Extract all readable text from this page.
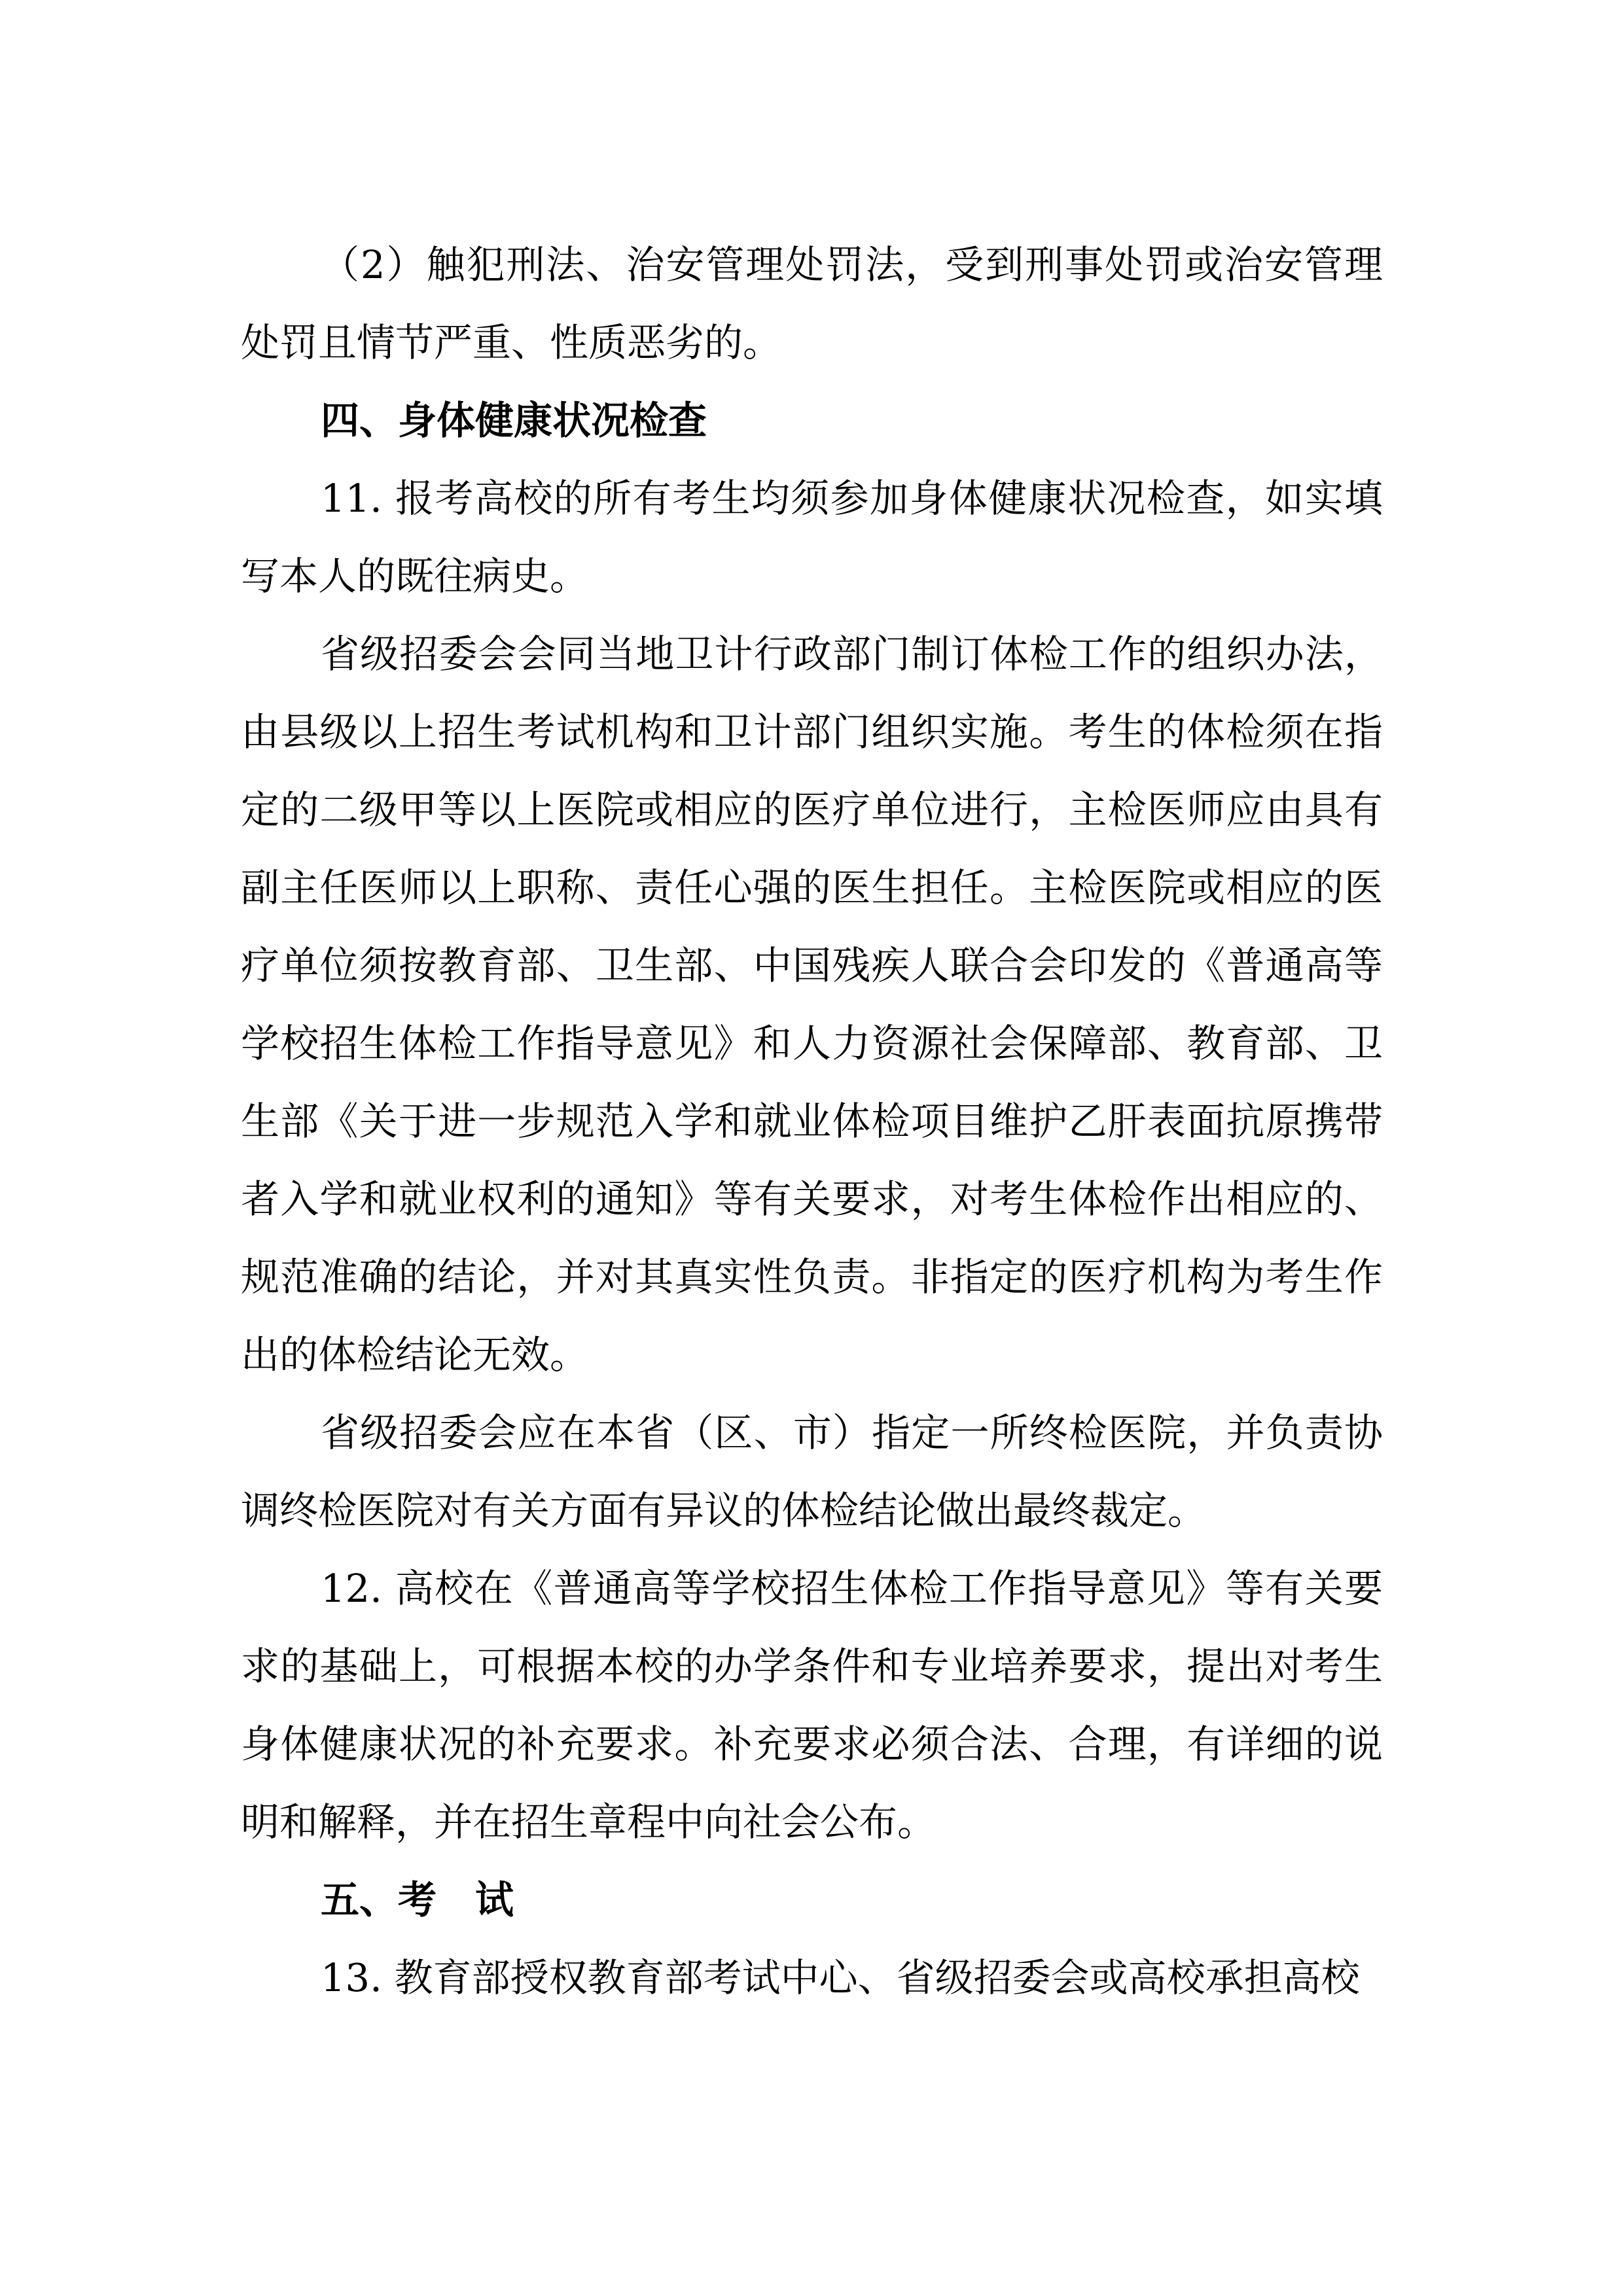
（2）触犯刑法、治安管理处罚法，受到刑事处罚或治安管理处罚且情节严重、性质恶劣的。

四、身体健康状况检查

11. 报考高校的所有考生均须参加身体健康状况检查，如实填写本人的既往病史。

省级招委会会同当地卫计行政部门制订体检工作的组织办法，由县级以上招生考试机构和卫计部门组织实施。考生的体检须在指定的二级甲等以上医院或相应的医疗单位进行，主检医师应由具有副主任医师以上职称、责任心强的医生担任。主检医院或相应的医疗单位须按教育部、卫生部、中国残疾人联合会印发的《普通高等学校招生体检工作指导意见》和人力资源社会保障部、教育部、卫生部《关于进一步规范入学和就业体检项目维护乙肝表面抗原携带者入学和就业权利的通知》等有关要求，对考生体检作出相应的、规范准确的结论，并对其真实性负责。非指定的医疗机构为考生作出的体检结论无效。

省级招委会应在本省（区、市）指定一所终检医院，并负责协调终检医院对有关方面有异议的体检结论做出最终裁定。

12. 高校在《普通高等学校招生体检工作指导意见》等有关要求的基础上，可根据本校的办学条件和专业培养要求，提出对考生身体健康状况的补充要求。补充要求必须合法、合理，有详细的说明和解释，并在招生章程中向社会公布。

五、考　试

13. 教育部授权教育部考试中心、省级招委会或高校承担高校
